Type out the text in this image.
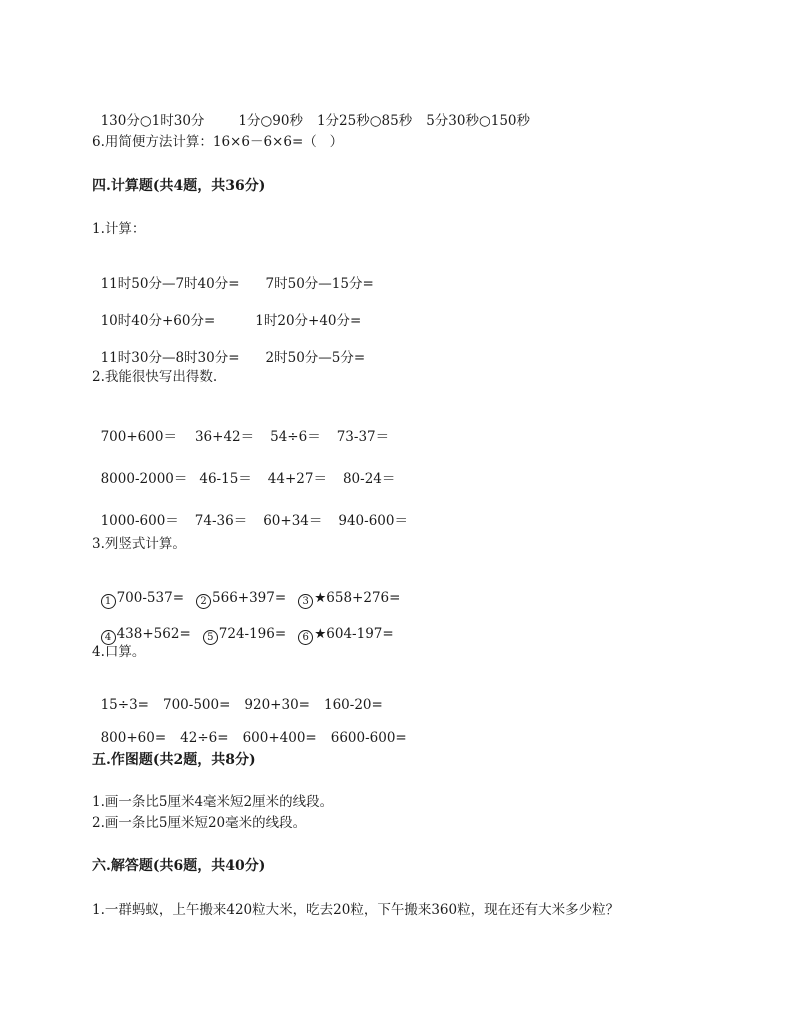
130分○1时30分	1分○90秒 1分25秒○85秒 5分30秒○150秒

6.用简便方法计算：16×6－6×6=（   ）
四.计算题(共4题，共36分)
1.计算：

11时50分—7时40分= 7时50分—15分=

10时40分+60分=	1时20分+40分=

11时30分—8时30分= 2时50分—5分=

2.我能很快写出得数.

700+600＝ 36+42＝ 54÷6＝ 73-37＝

8000-2000＝ 46-15＝ 44+27＝ 80-24＝

1000-600＝ 74-36＝ 60+34＝ 940-600＝

3.列竖式计算。

1 700-537= 2 566+397= 3 ★658+276=

4 438+562= 5 724-196= 6 ★604-197=

4.口算。

15÷3= 700-500= 920+30= 160-20=

800+60= 42÷6= 600+400= 6600-600=

五.作图题(共2题，共8分)
1.画一条比5厘米4毫米短2厘米的线段。
2.画一条比5厘米短20毫米的线段。
六.解答题(共6题，共40分)
1.一群蚂蚁，上午搬来420粒大米，吃去20粒，下午搬来360粒，现在还有大米多少粒？
